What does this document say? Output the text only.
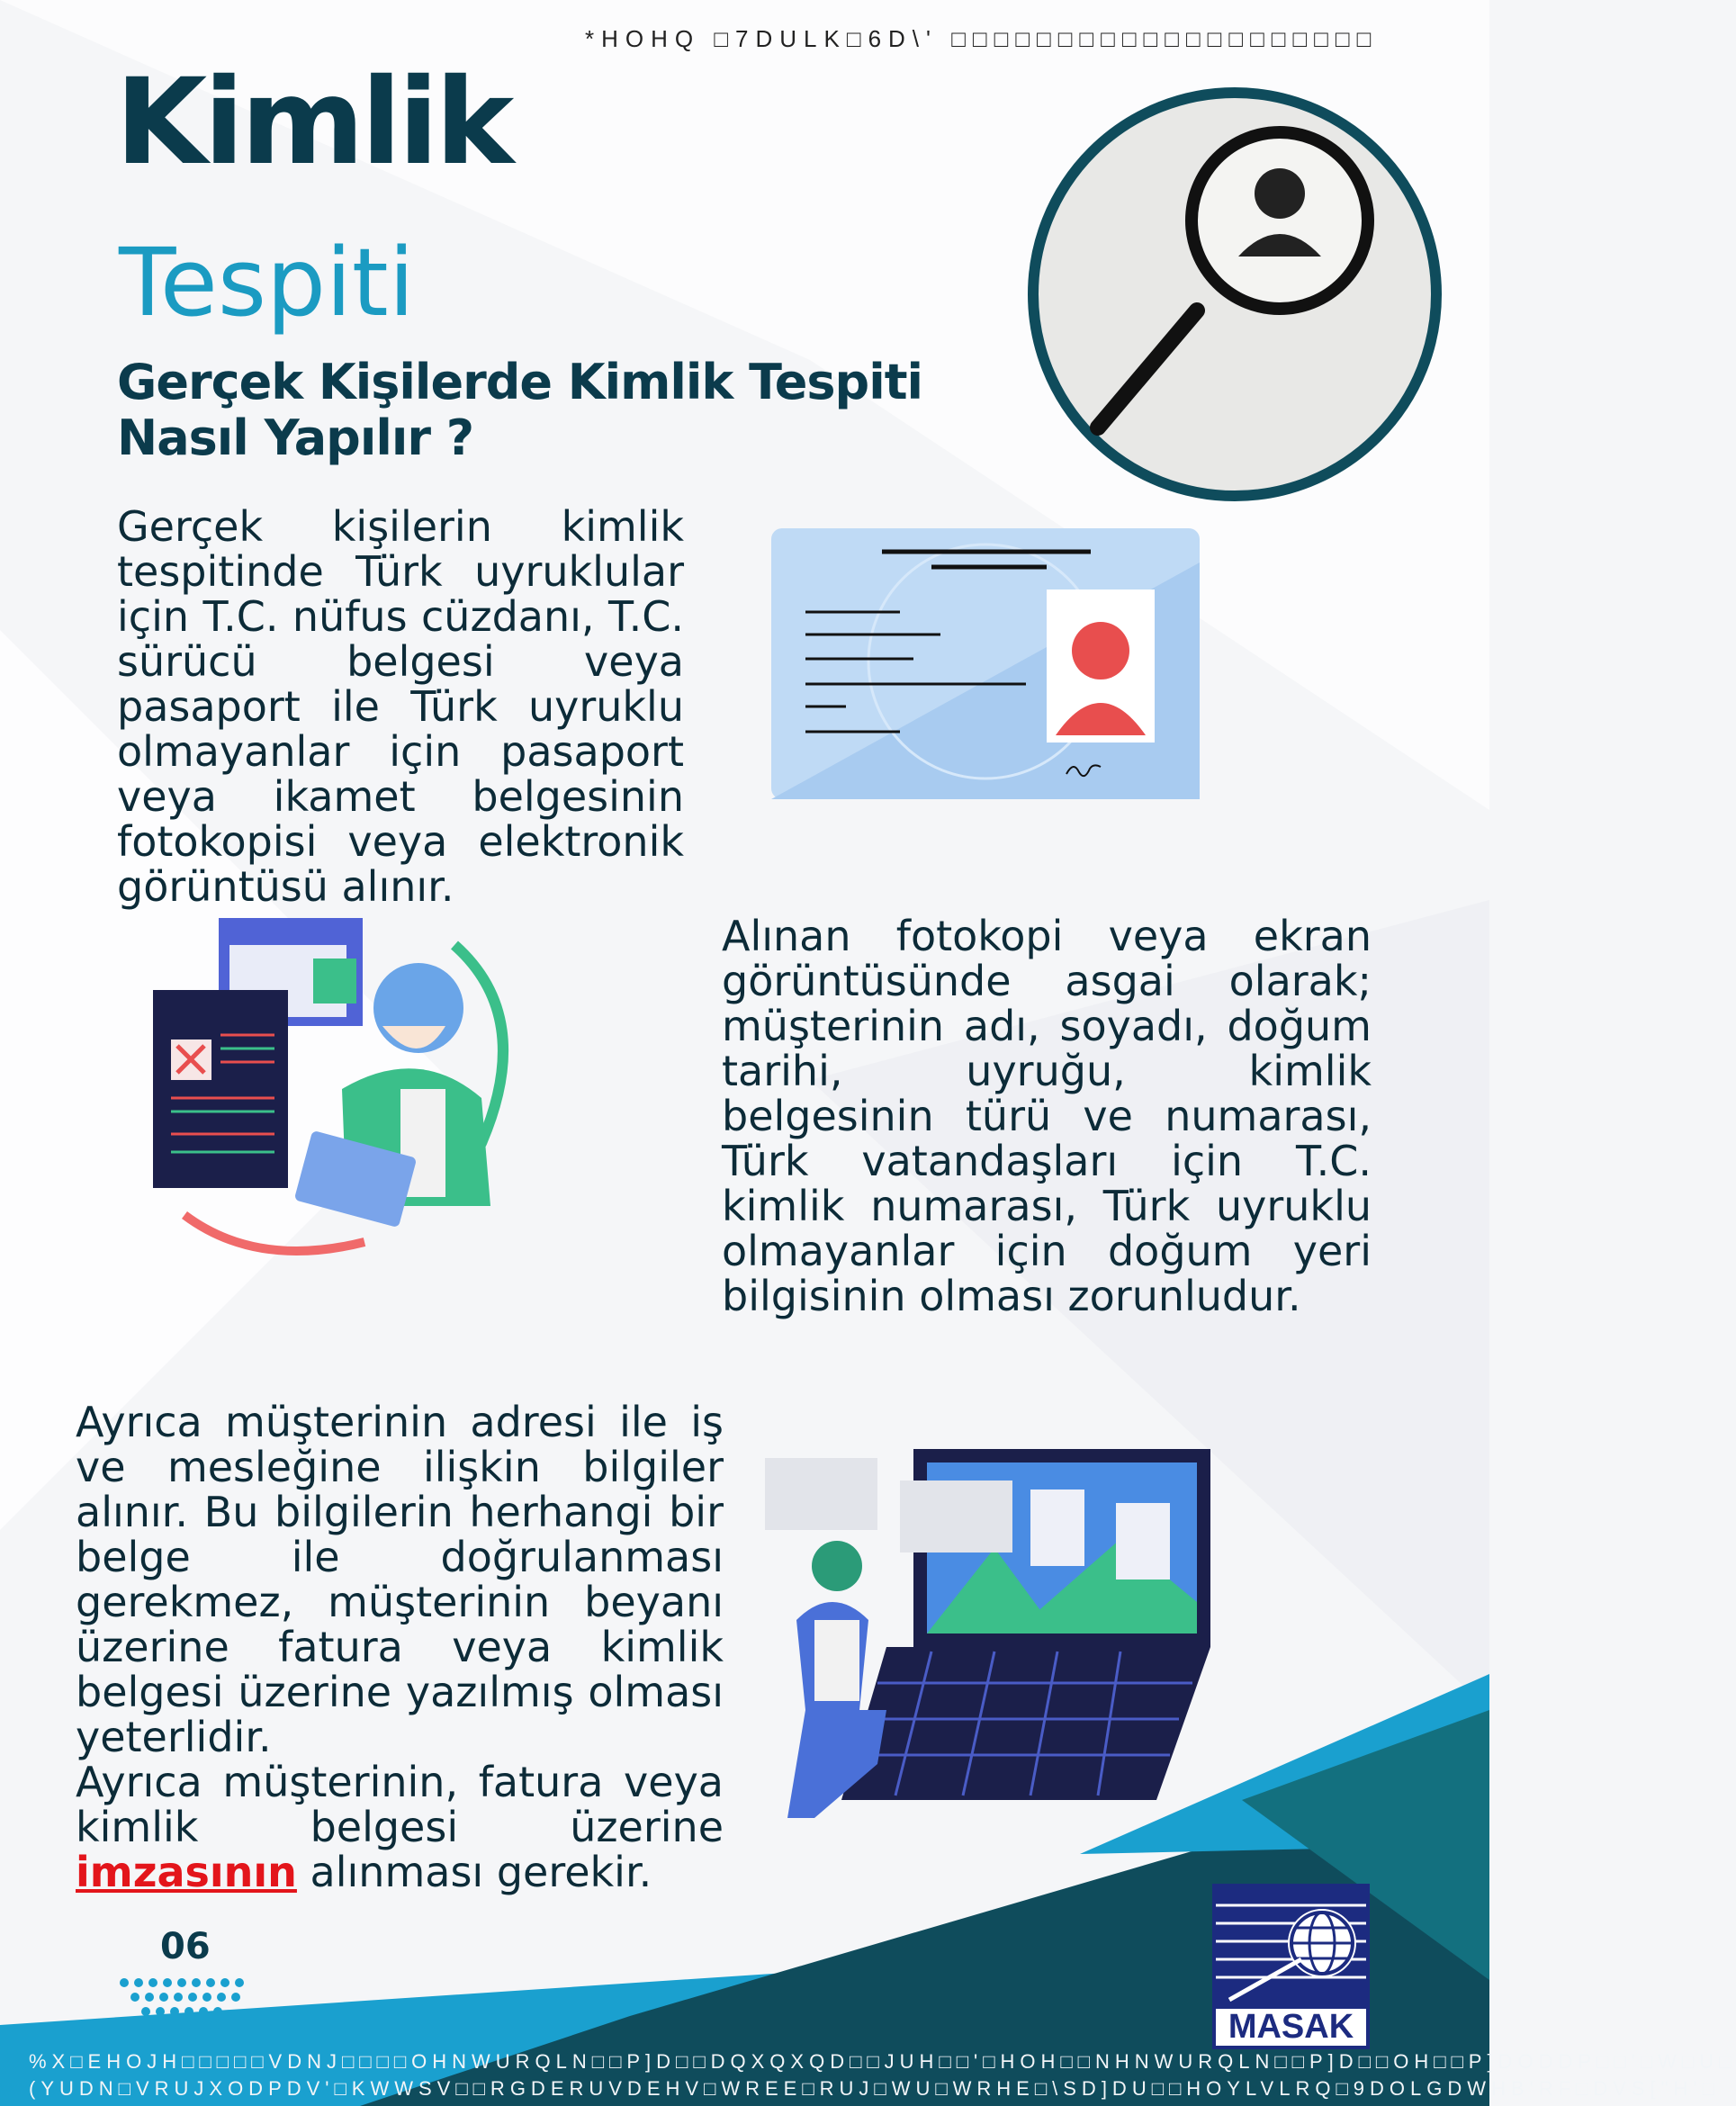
*HOHQ □7DULK□6D\' □□□□□□□□□□□□□□□□□□□□
Kimlik
Tespiti
Gerçek Kişilerde Kimlik Tespiti
Nasıl Yapılır ?
Gerçek kişilerin kimlik tespitinde Türk uyruklular için T.C. nüfus cüzdanı, T.C. sürücü belgesi veya pasaport ile Türk uyruklu olmayanlar için pasaport veya ikamet belgesinin fotokopisi veya elektronik görüntüsü alınır.
Alınan fotokopi veya ekran görüntüsünde asgai olarak; müşterinin adı, soyadı, doğum tarihi, uyruğu, kimlik belgesinin türü ve numarası, Türk vatandaşları için T.C. kimlik numarası, Türk uyruklu olmayanlar için doğum yeri bilgisinin olması zorunludur.
Ayrıca müşterinin adresi ile iş ve mesleğine ilişkin bilgiler alınır. Bu bilgilerin herhangi bir belge ile doğrulanması gerekmez, müşterinin beyanı üzerine fatura veya kimlik belgesi üzerine yazılmış olması yeterlidir.
Ayrıca müşterinin, fatura veya kimlik belgesi üzerine imzasının alınması gerekir.
06
MASAK
%X□EHOJH□□□□□VDNJ□□□□OHNWURQLN□□P]D□□DQXQXQD□□JUH□□'□HOH□□NHNWURQLN□□P]D□□OH□□P]DODDP□□'□W□U□
(YUDN□VRUJXODPDV'□KWWSV□□RGDERUVDEHV□WREE□RUJ□WU□WRHE□\SD]DU□□HOYLVLRQ□9DOLGDWHB'RF□DVS["H'□
